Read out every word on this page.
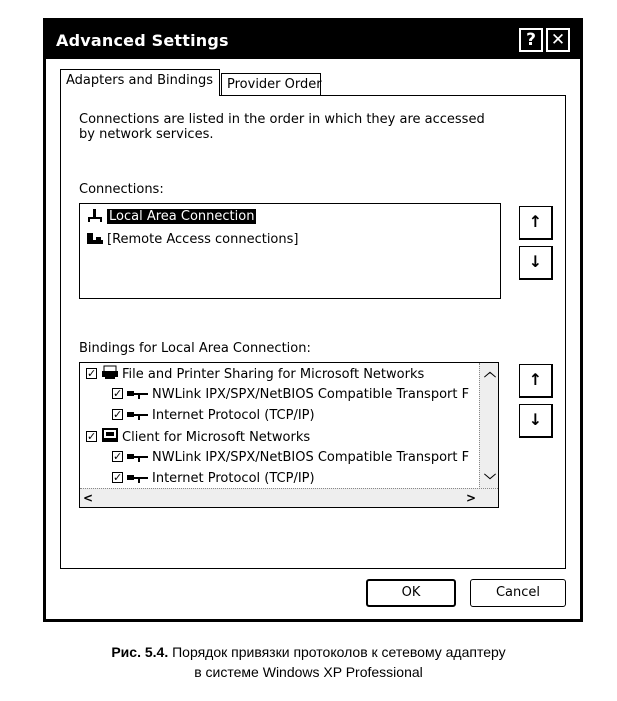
Advanced Settings	? ✕
Adapters and Bindings	Provider Order
Connections are listed in the order in which they are accessed by network services.
Connections:
Local Area Connection
[Remote Access connections]
↑
↓
Bindings for Local Area Connection:
✓File and Printer Sharing for Microsoft Networks
✓NWLink IPX/SPX/NetBIOS Compatible Transport F
✓Internet Protocol (TCP/IP)
✓Client for Microsoft Networks
✓NWLink IPX/SPX/NetBIOS Compatible Transport F
✓Internet Protocol (TCP/IP)
︿
﹀
<	>
↑
↓
OK	Cancel
Рис. 5.4. Порядок привязки протоколов к сетевому адаптеру
в системе Windows XP Professional
